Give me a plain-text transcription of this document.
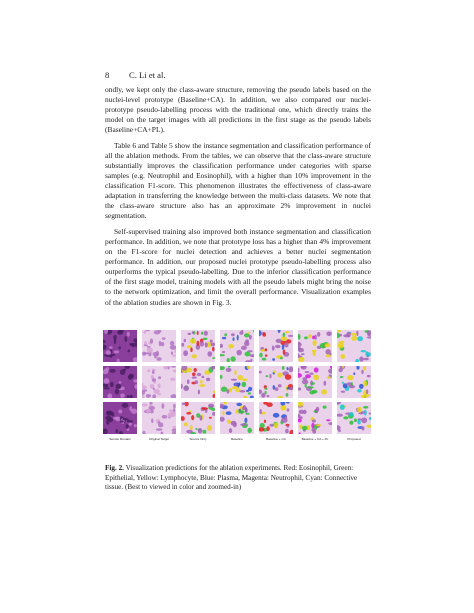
8 C. Li et al.

ondly, we kept only the class-aware structure, removing the pseudo labels based on the nuclei-level prototype (Baseline+CA). In addition, we also compared our nuclei-prototype pseudo-labelling process with the traditional one, which directly trains the model on the target images with all predictions in the first stage as the pseudo labels (Baseline+CA+PL).

Table 6 and Table 5 show the instance segmentation and classification performance of all the ablation methods. From the tables, we can observe that the class-aware structure substantially improves the classification performance under categories with sparse samples (e.g. Neutrophil and Eosinophil), with a higher than 10% improvement in the classification F1-score. This phenomenon illustrates the effectiveness of class-aware adaptation in transferring the knowledge between the multi-class datasets. We note that the class-aware structure also has an approximate 2% improvement in nuclei segmentation.

Self-supervised training also improved both instance segmentation and classification performance. In addition, we note that prototype loss has a higher than 4% improvement on the F1-score for nuclei detection and achieves a better nuclei segmentation performance. In addition, our proposed nuclei prototype pseudo-labelling process also outperforms the typical pseudo-labelling. Due to the inferior classification performance of the first stage model, training models with all the pseudo labels might bring the noise to the network optimization, and limit the overall performance. Visualization examples of the ablation studies are shown in Fig. 3.

Source Domain	Original Target	Source Only	Baseline	Baseline + CA	Baseline + CA + PL	Proposed
Fig. 2. Visualization predictions for the ablation experiments. Red: Eosinophil, Green: Epithelial, Yellow: Lymphocyte, Blue: Plasma, Magenta: Neutrophil, Cyan: Connective tissue. (Best to viewed in color and zoomed-in)
